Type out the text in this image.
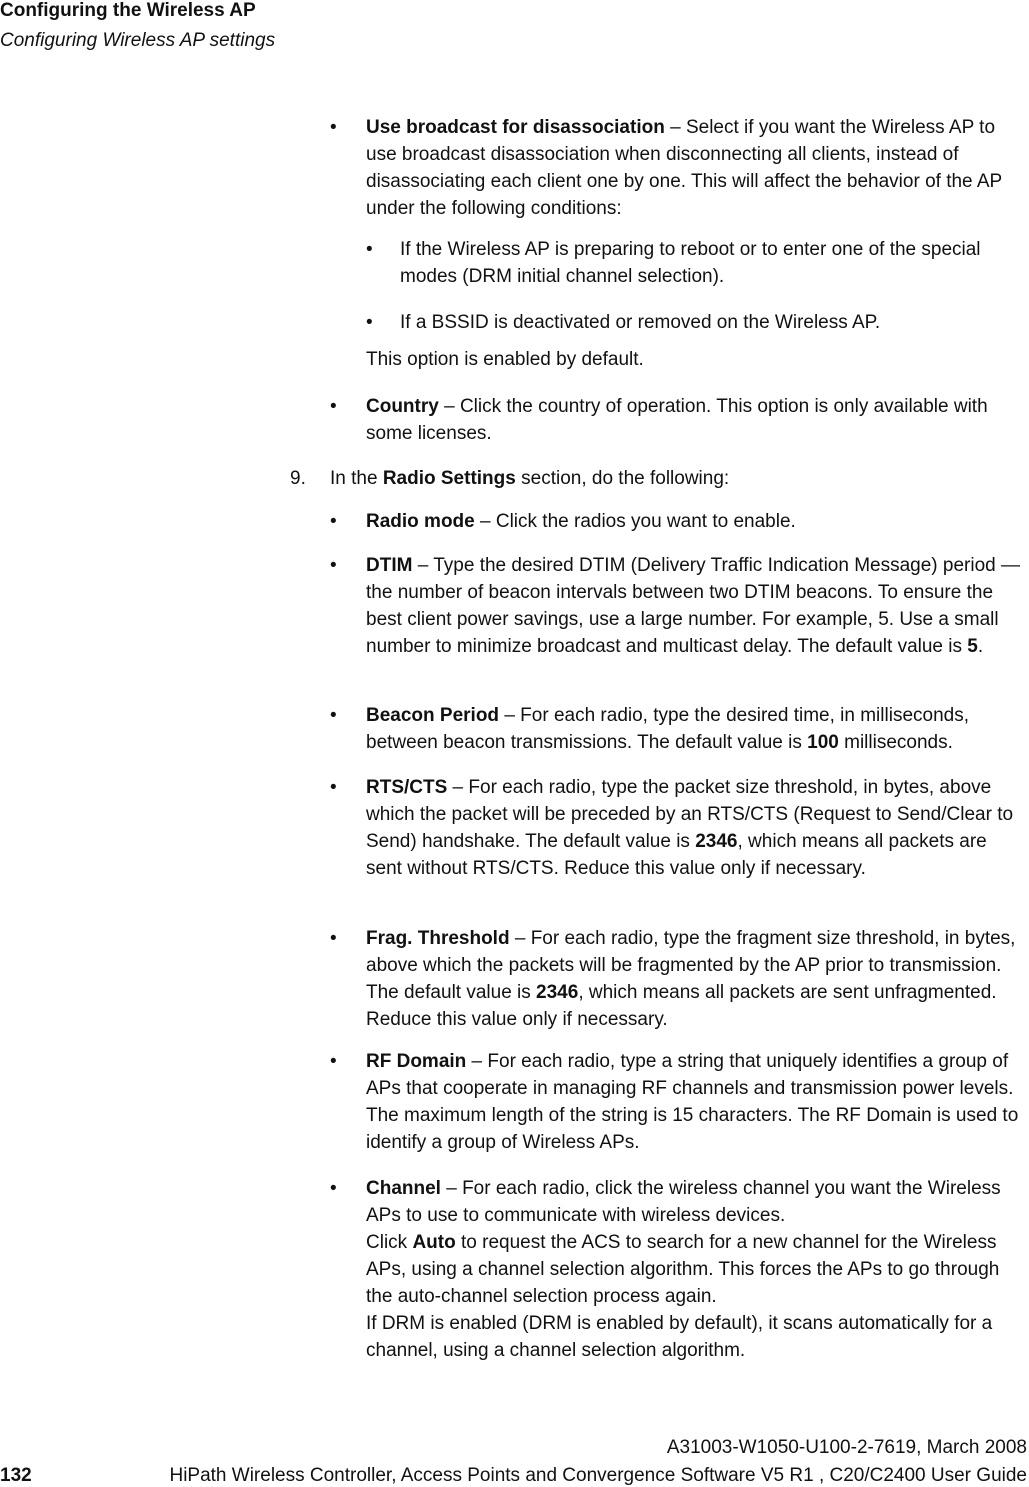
Configuring the Wireless AP
Configuring Wireless AP settings
• Use broadcast for disassociation – Select if you want the Wireless AP to use broadcast disassociation when disconnecting all clients, instead of disassociating each client one by one. This will affect the behavior of the AP under the following conditions:

• If the Wireless AP is preparing to reboot or to enter one of the special modes (DRM initial channel selection).

• If a BSSID is deactivated or removed on the Wireless AP.

This option is enabled by default.

• Country – Click the country of operation. This option is only available with some licenses.

9. In the Radio Settings section, do the following:

• Radio mode – Click the radios you want to enable.

• DTIM – Type the desired DTIM (Delivery Traffic Indication Message) period — the number of beacon intervals between two DTIM beacons. To ensure the best client power savings, use a large number. For example, 5. Use a small number to minimize broadcast and multicast delay. The default value is 5.

• Beacon Period – For each radio, type the desired time, in milliseconds, between beacon transmissions. The default value is 100 milliseconds.

• RTS/CTS – For each radio, type the packet size threshold, in bytes, above which the packet will be preceded by an RTS/CTS (Request to Send/Clear to Send) handshake. The default value is 2346, which means all packets are sent without RTS/CTS. Reduce this value only if necessary.

• Frag. Threshold – For each radio, type the fragment size threshold, in bytes, above which the packets will be fragmented by the AP prior to transmission. The default value is 2346, which means all packets are sent unfragmented. Reduce this value only if necessary.

• RF Domain – For each radio, type a string that uniquely identifies a group of APs that cooperate in managing RF channels and transmission power levels. The maximum length of the string is 15 characters. The RF Domain is used to identify a group of Wireless APs.

• Channel – For each radio, click the wireless channel you want the Wireless APs to use to communicate with wireless devices.
Click Auto to request the ACS to search for a new channel for the Wireless APs, using a channel selection algorithm. This forces the APs to go through the auto-channel selection process again.
If DRM is enabled (DRM is enabled by default), it scans automatically for a channel, using a channel selection algorithm.

A31003-W1050-U100-2-7619, March 2008
132	HiPath Wireless Controller, Access Points and Convergence Software V5 R1 , C20/C2400 User Guide
